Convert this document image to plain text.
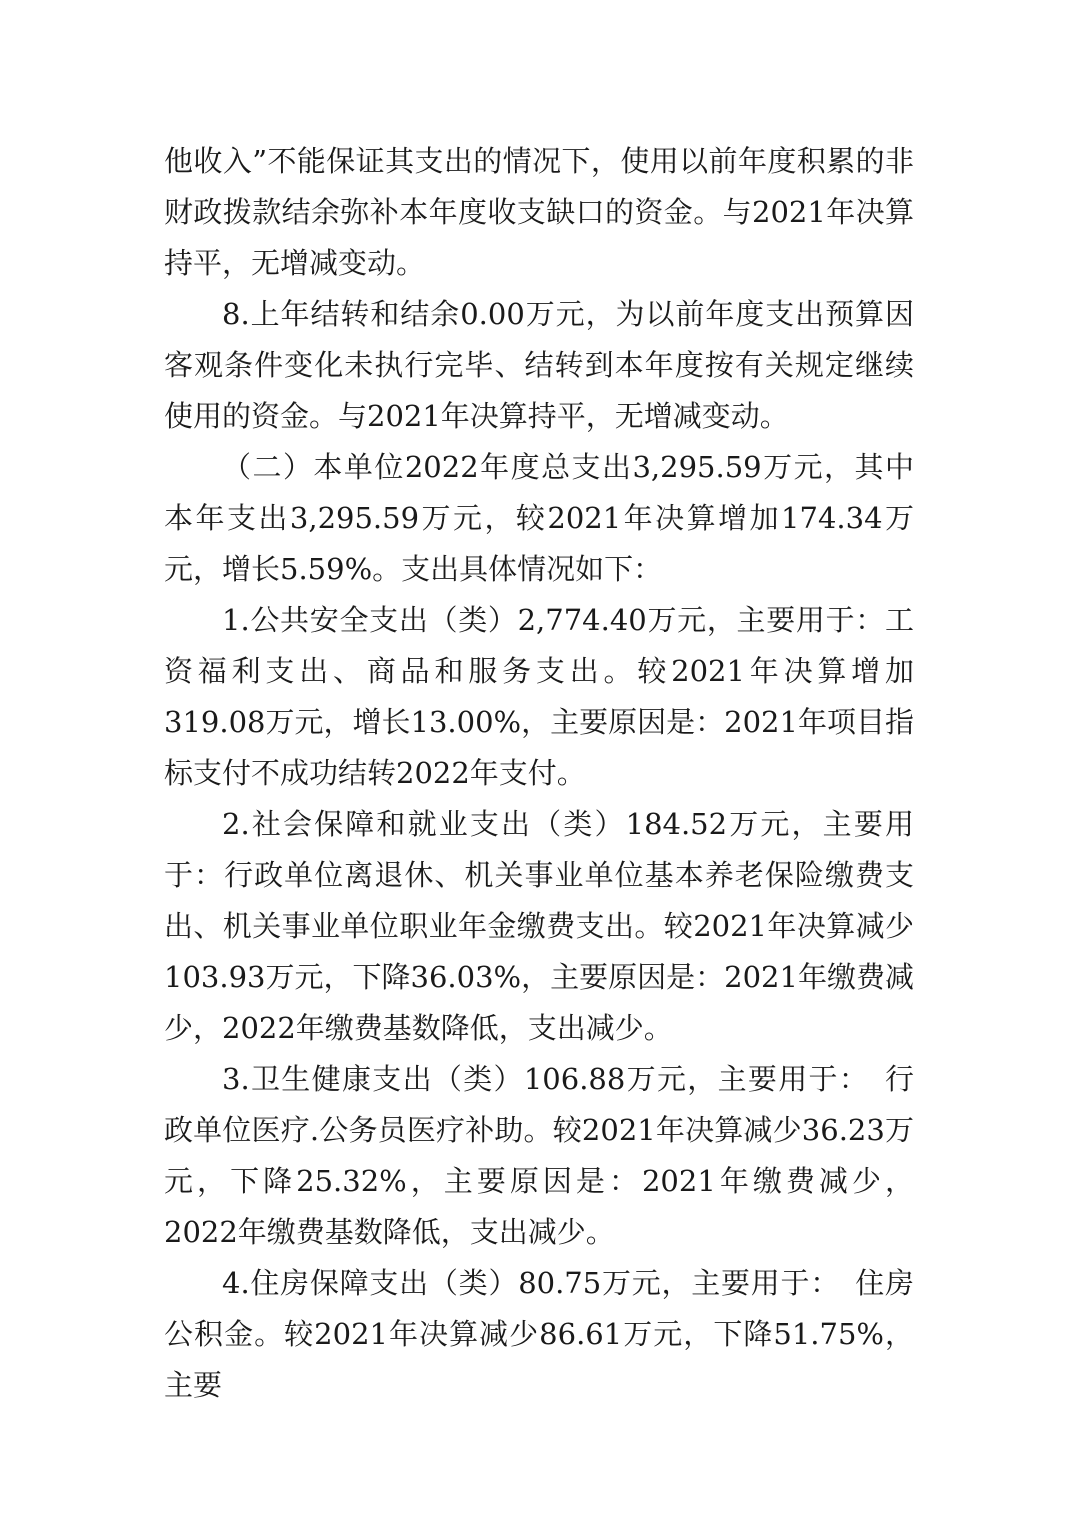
他收入”不能保证其支出的情况下，使用以前年度积累的非财政拨款结余弥补本年度收支缺口的资金。与2021年决算持平，无增减变动。

8.上年结转和结余0.00万元，为以前年度支出预算因客观条件变化未执行完毕、结转到本年度按有关规定继续使用的资金。与2021年决算持平，无增减变动。

（二）本单位2022年度总支出3,295.59万元，其中本年支出3,295.59万元，较2021年决算增加174.34万元，增长5.59%。支出具体情况如下：

1.公共安全支出（类）2,774.40万元，主要用于：工资福利支出、商品和服务支出。较2021年决算增加319.08万元，增长13.00%，主要原因是：2021年项目指标支付不成功结转2022年支付。

2.社会保障和就业支出（类）184.52万元，主要用于：行政单位离退休、机关事业单位基本养老保险缴费支出、机关事业单位职业年金缴费支出。较2021年决算减少103.93万元，下降36.03%，主要原因是：2021年缴费减少，2022年缴费基数降低，支出减少。

3.卫生健康支出（类）106.88万元，主要用于：　行政单位医疗.公务员医疗补助。较2021年决算减少36.23万元，下降25.32%，主要原因是：2021年缴费减少，2022年缴费基数降低，支出减少。

4.住房保障支出（类）80.75万元，主要用于：　住房公积金。较2021年决算减少86.61万元，下降51.75%，主要
